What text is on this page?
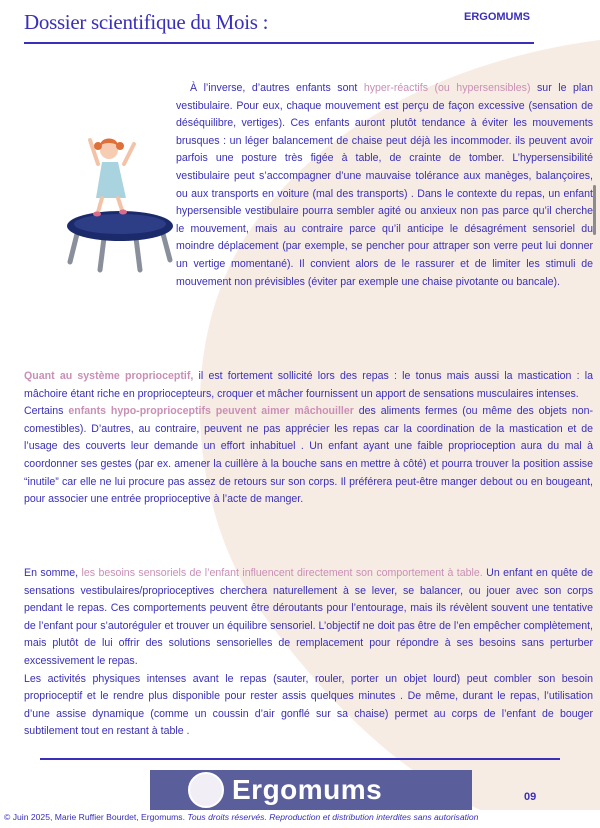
Dossier scientifique du Mois :	ERGOMUMS
À l’inverse, d’autres enfants sont hyper-réactifs (ou hypersensibles) sur le plan vestibulaire. Pour eux, chaque mouvement est perçu de façon excessive (sensation de déséquilibre, vertiges). Ces enfants auront plutôt tendance à éviter les mouvements brusques : un léger balancement de chaise peut déjà les incommoder. ils peuvent avoir parfois une posture très figée à table, de crainte de tomber. L’hypersensibilité vestibulaire peut s’accompagner d’une mauvaise tolérance aux manèges, balançoires, ou aux transports en voiture (mal des transports) . Dans le contexte du repas, un enfant hypersensible vestibulaire pourra sembler agité ou anxieux non pas parce qu’il cherche le mouvement, mais au contraire parce qu’il anticipe le désagrément sensoriel du moindre déplacement (par exemple, se pencher pour attraper son verre peut lui donner un vertige momentané). Il convient alors de le rassurer et de limiter les stimuli de mouvement non prévisibles (éviter par exemple une chaise pivotante ou bancale).
Quant au système proprioceptif, il est fortement sollicité lors des repas : le tonus mais aussi la mastication : la mâchoire étant riche en propriocepteurs, croquer et mâcher fournissent un apport de sensations musculaires intenses.
Certains enfants hypo-proprioceptifs peuvent aimer mâchouiller des aliments fermes (ou même des objets non-comestibles). D’autres, au contraire, peuvent ne pas apprécier les repas car la coordination de la mastication et de l’usage des couverts leur demande un effort inhabituel . Un enfant ayant une faible proprioception aura du mal à coordonner ses gestes (par ex. amener la cuillère à la bouche sans en mettre à côté) et pourra trouver la position assise “inutile” car elle ne lui procure pas assez de retours sur son corps. Il préférera peut-être manger debout ou en bougeant, pour associer une entrée proprioceptive à l’acte de manger.
En somme, les besoins sensoriels de l’enfant influencent directement son comportement à table. Un enfant en quête de sensations vestibulaires/proprioceptives cherchera naturellement à se lever, se balancer, ou jouer avec son corps pendant le repas. Ces comportements peuvent être déroutants pour l’entourage, mais ils révèlent souvent une tentative de l’enfant pour s’autoréguler et trouver un équilibre sensoriel. L’objectif ne doit pas être de l’en empêcher complètement, mais plutôt de lui offrir des solutions sensorielles de remplacement pour répondre à ses besoins sans perturber excessivement le repas.
Les activités physiques intenses avant le repas (sauter, rouler, porter un objet lourd) peut combler son besoin proprioceptif et le rendre plus disponible pour rester assis quelques minutes . De même, durant le repas, l’utilisation d’une assise dynamique (comme un coussin d’air gonflé sur sa chaise) permet au corps de l’enfant de bouger subtilement tout en restant à table .
Ergomums	09
© Juin 2025, Marie Ruffier Bourdet, Ergomums. Tous droits réservés. Reproduction et distribution interdites sans autorisation
